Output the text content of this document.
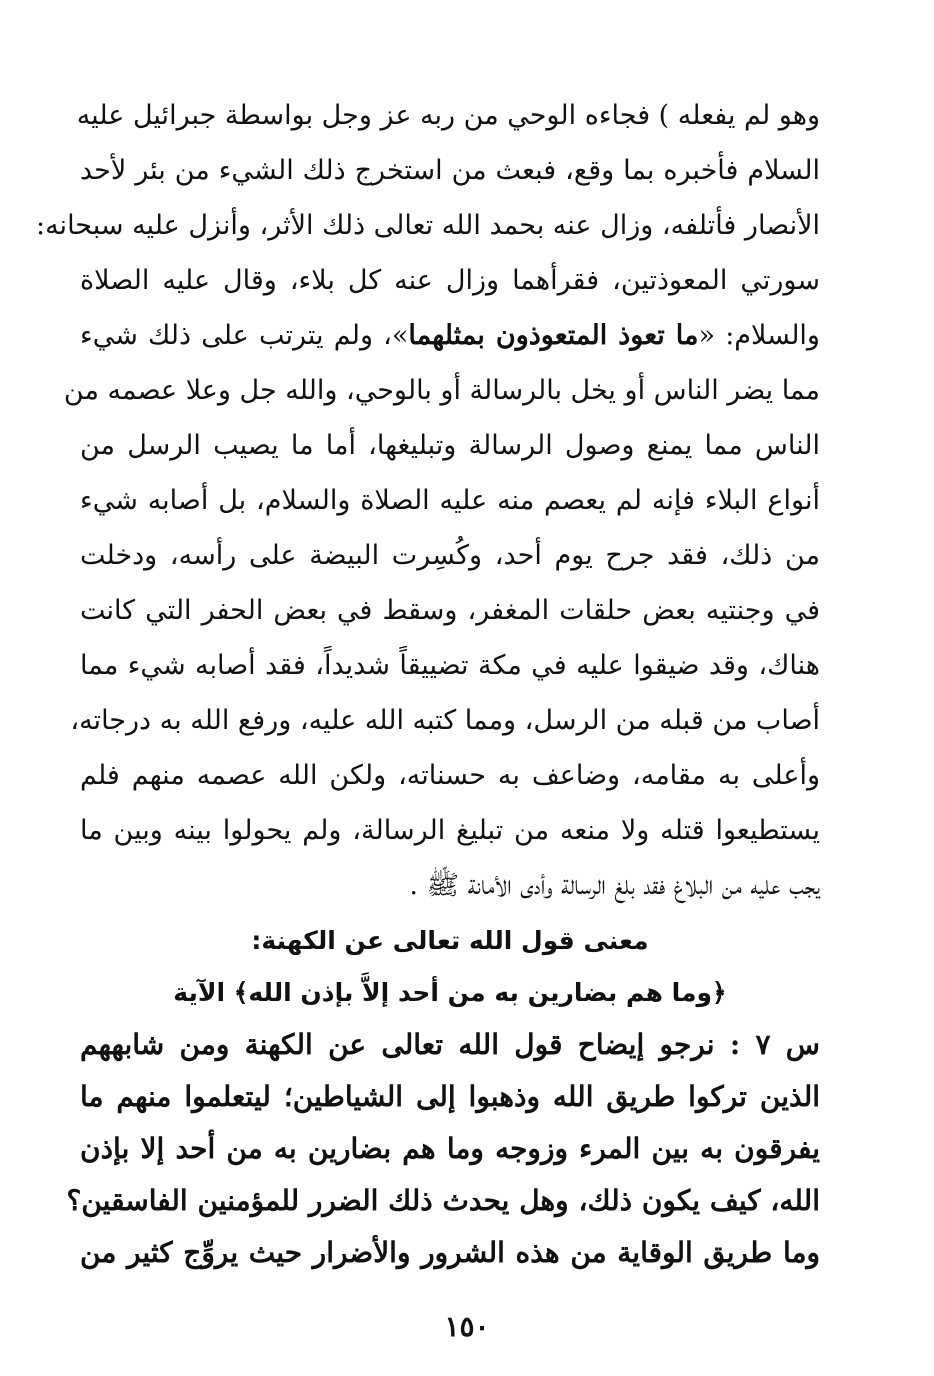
وهو لم يفعله ) فجاءه الوحي من ربه عز وجل بواسطة جبرائيل عليه
السلام فأخبره بما وقع، فبعث من استخرج ذلك الشيء من بئر لأحد
الأنصار فأتلفه، وزال عنه بحمد الله تعالى ذلك الأثر، وأنزل عليه سبحانه:
سورتي المعوذتين، فقرأهما وزال عنه كل بلاء، وقال عليه الصلاة
والسلام: «ما تعوذ المتعوذون بمثلهما»، ولم يترتب على ذلك شيء
مما يضر الناس أو يخل بالرسالة أو بالوحي، والله جل وعلا عصمه من
الناس مما يمنع وصول الرسالة وتبليغها، أما ما يصيب الرسل من
أنواع البلاء فإنه لم يعصم منه عليه الصلاة والسلام، بل أصابه شيء
من ذلك، فقد جرح يوم أحد، وكُسِرت البيضة على رأسه، ودخلت
في وجنتيه بعض حلقات المغفر، وسقط في بعض الحفر التي كانت
هناك، وقد ضيقوا عليه في مكة تضييقاً شديداً، فقد أصابه شيء مما
أصاب من قبله من الرسل، ومما كتبه الله عليه، ورفع الله به درجاته،
وأعلى به مقامه، وضاعف به حسناته، ولكن الله عصمه منهم فلم
يستطيعوا قتله ولا منعه من تبليغ الرسالة، ولم يحولوا بينه وبين ما
يجب عليه من البلاغ فقد بلغ الرسالة وأدى الأمانة ﷺ .
معنى قول الله تعالى عن الكهنة:
﴿وما هم بضارين به من أحد إلاَّ بإذن الله﴾ الآية
س ٧ : نرجو إيضاح قول الله تعالى عن الكهنة ومن شابههم
الذين تركوا طريق الله وذهبوا إلى الشياطين؛ ليتعلموا منهم ما
يفرقون به بين المرء وزوجه وما هم بضارين به من أحد إلا بإذن
الله، كيف يكون ذلك، وهل يحدث ذلك الضرر للمؤمنين الفاسقين؟
وما طريق الوقاية من هذه الشرور والأضرار حيث يروِّج كثير من
١٥٠
